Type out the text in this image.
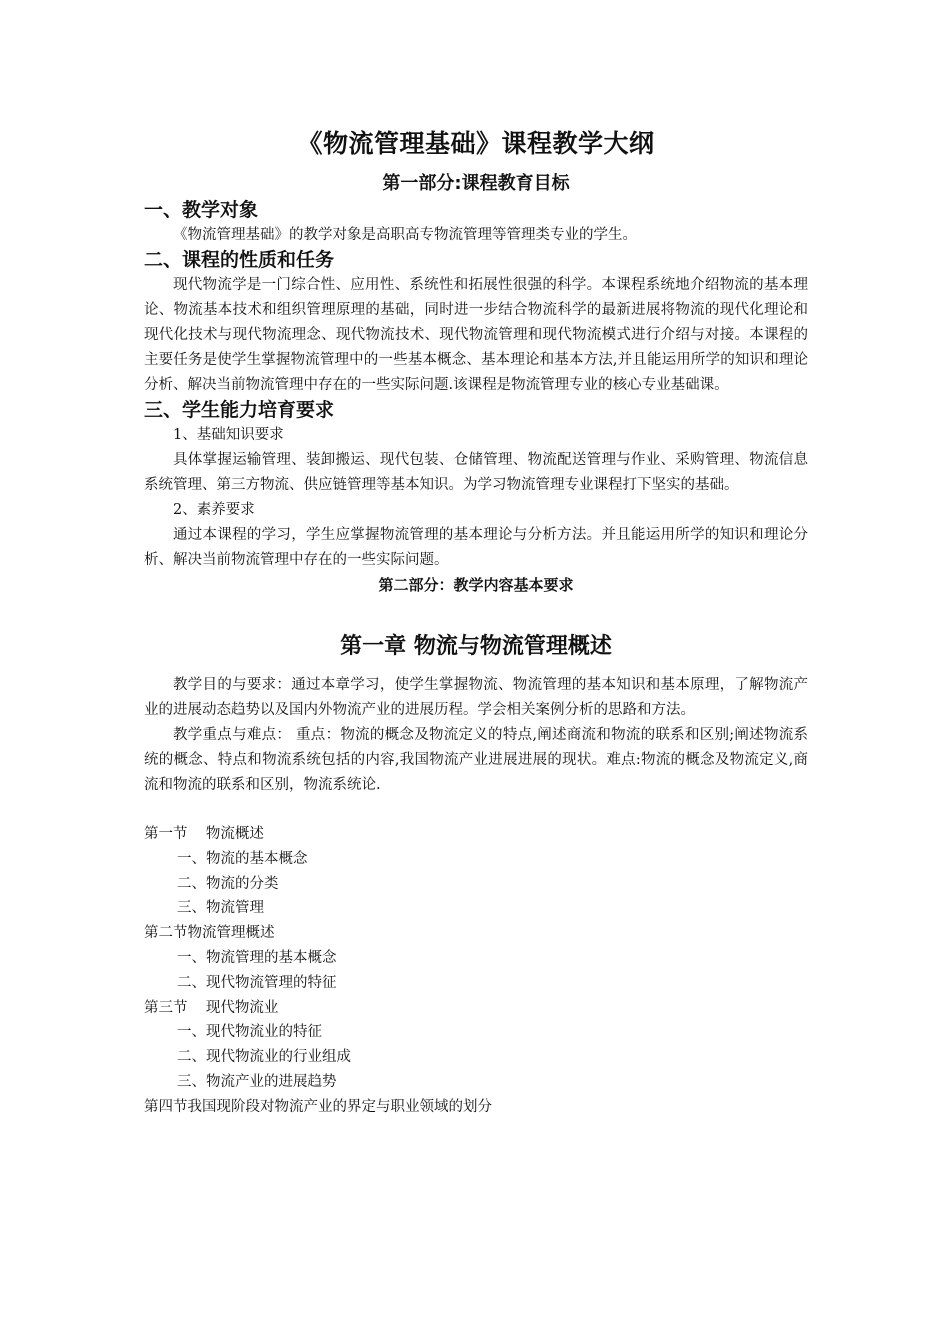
《物流管理基础》课程教学大纲
第一部分:课程教育目标
一、教学对象

《物流管理基础》的教学对象是高职高专物流管理等管理类专业的学生。

二、课程的性质和任务

现代物流学是一门综合性、应用性、系统性和拓展性很强的科学。本课程系统地介绍物流的基本理论、物流基本技术和组织管理原理的基础，同时进一步结合物流科学的最新进展将物流的现代化理论和现代化技术与现代物流理念、现代物流技术、现代物流管理和现代物流模式进行介绍与对接。本课程的主要任务是使学生掌握物流管理中的一些基本概念、基本理论和基本方法,并且能运用所学的知识和理论分析、解决当前物流管理中存在的一些实际问题.该课程是物流管理专业的核心专业基础课。

三、学生能力培育要求

1、基础知识要求

具体掌握运输管理、装卸搬运、现代包装、仓储管理、物流配送管理与作业、采购管理、物流信息系统管理、第三方物流、供应链管理等基本知识。为学习物流管理专业课程打下坚实的基础。

2、素养要求

通过本课程的学习，学生应掌握物流管理的基本理论与分析方法。并且能运用所学的知识和理论分析、解决当前物流管理中存在的一些实际问题。

第二部分：教学内容基本要求
第一章 物流与物流管理概述

教学目的与要求：通过本章学习，使学生掌握物流、物流管理的基本知识和基本原理，了解物流产业的进展动态趋势以及国内外物流产业的进展历程。学会相关案例分析的思路和方法。

教学重点与难点： 重点：物流的概念及物流定义的特点,阐述商流和物流的联系和区别;阐述物流系统的概念、特点和物流系统包括的内容,我国物流产业进展进展的现状。难点:物流的概念及物流定义,商流和物流的联系和区别，物流系统论.

第一节    物流概述

一、物流的基本概念

二、物流的分类

三、物流管理

第二节物流管理概述

一、物流管理的基本概念

二、现代物流管理的特征

第三节    现代物流业

一、现代物流业的特征

二、现代物流业的行业组成

三、物流产业的进展趋势

第四节我国现阶段对物流产业的界定与职业领域的划分
